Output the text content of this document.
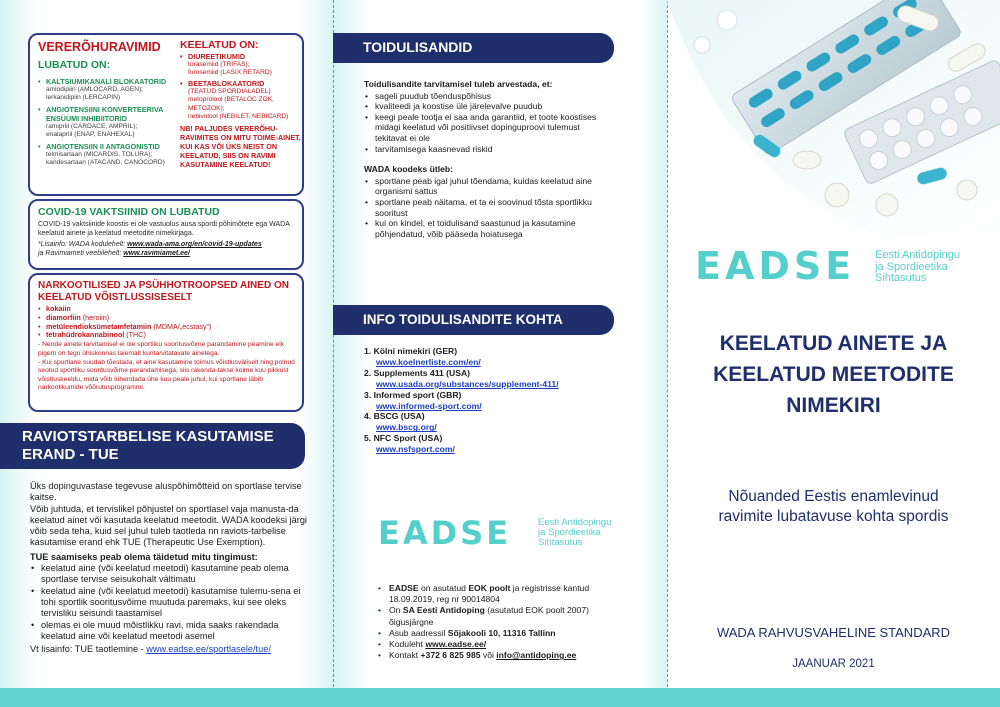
VERERÕHURAVIMID
LUBATUD ON:
• KALTSIUMIKANALI BLOKAATORID
amlodipiin (AMLOCARD, AGEN);
lerkanidipiin (LERCAPIN)
• ANGIOTENSIINI KONVERTEERIVA ENSÜÜMI INHIBIITORID
ramipriil (CARDACE, AMPRIL);
enalapriil (ENAP, ENAHEXAL)
• ANGIOTENSIIN II ANTAGONISTID
telmisartaan (MICARDIS, TOLURA);
kandesartaan (ATACAND, CANOCORD)
KEELATUD ON:
• DIUREETIKUMID
torasemiid (TRIFAS);
furosemiid (LASIX RETARD)
• BEETABLOKAATORID
(TEATUD SPORDIALADEL)
metoprolool (BETALOC ZOK, METOZOK);
nebivolool (NEBILET, NEBICARD)
NB! PALJUDES VERERÕHU-RAVIMITES ON MITU TOIME-AINET, KUI KAS VÕI ÜKS NEIST ON KEELATUD, SIIS ON RAVIMI KASUTAMINE KEELATUD!
COVID-19 VAKTSIINID ON LUBATUD
COVID-19 vaktsiinide koostis ei ole vastuolus ausa spordi põhimõtete ega WADA keelatud ainete ja keelatud meetodite nimekirjaga.
*Lisainfo: WADA kodulehelt: www.wada-ama.org/en/covid-19-updates
ja Ravimiameti veebilehelt: www.ravimiamet.ee/
NARKOOTILISED JA PSÜHHOTROOPSED AINED ON KEELATUD VÕISTLUSSISESELT
• kokaiin
• diamorfiin (heroiin)
• metüleendioksümetamfetamiin (MDMA/„ecstasy”)
• tetrahüdrokannabinool (THC)
- Nende ainete tarvitamisel ei ole sportliku sooritusvõime parandamine peamine eik pigem on tegu ühiskonnas laiemalt kuritarvitatavate ainetega.
- Kui sportlane suudab tõestada, et aine kasutamine toimus võistlusväliselt ning polnud seotud sportliku sooritusvõime parandamisega, siis rakenda-takse kolme kuu pikkust võistluskeeldu, mida võib lühendada ühe kuu peale juhul, kui sportlane läbib narkootikumide võõrutusprogrammi.
RAVIOTSTARBELISE KASUTAMISE
ERAND - TUE

Üks dopinguvastase tegevuse aluspõhimõtteid on sportlase tervise kaitse.

Võib juhtuda, et tervislikel põhjustel on sportlasel vaja manusta-da keelatud ainet või kasutada keelatud meetodit. WADA koodeksi järgi võib seda teha, kuid sel juhul tuleb taotleda nn raviots-tarbelise kasutamise erand ehk TUE (Therapeutic Use Exemption).

TUE saamiseks peab olema täidetud mitu tingimust:

• keelatud aine (või keelatud meetodi) kasutamine peab olema sportlase tervise seisukohalt vältimatu
• keelatud aine (või keelatud meetodi) kasutamise tulemu-sena ei tohi sportlik sooritusvõime muutuda paremaks, kui see oleks tervisliku seisundi taastamisel
• olemas ei ole muud mõistlikku ravi, mida saaks rakendada keelatud aine või keelatud meetodi asemel
Vt lisainfo: TUE taotlemine - www.eadse.ee/sportlasele/tue/
TOIDULISANDID
Toidulisandite tarvitamisel tuleb arvestada, et:
• sageli puudub tõenduspõhisus
• kvaliteedi ja koostise üle järelevalve puudub
• keegi peale tootja ei saa anda garantiid, et toote koostises midagi keelatud või positiivset dopinguproovi tulemust tekitavat ei ole
• tarvitamisega kaasnevad riskid
WADA koodeks ütleb:
• sportlane peab igal juhul tõendama, kuidas keelatud aine organismi sattus
• sportlane peab näitama, et ta ei soovinud tõsta sportlikku sooritust
• kui on kindel, et toidulisand saastunud ja kasutamine põhjendatud, võib pääseda hoiatusega
INFO TOIDULISANDITE KOHTA
1. Kölni nimekiri (GER)
www.koelnerliste.com/en/
2. Supplements 411 (USA)
www.usada.org/substances/supplement-411/
3. Informed sport (GBR)
www.informed-sport.com/
4. BSCG (USA)
www.bscg.org/
5. NFC Sport (USA)
www.nsfsport.com/
EADSE	Eesti Antidopingu
ja Spordieetika
Sihtasutus
• EADSE on asutatud EOK poolt ja registrisse kantud 18.09.2019, reg nr 90014804
• On SA Eesti Antidoping (asutatud EOK poolt 2007) õigusjärgne
• Asub aadressil Sõjakooli 10, 11316 Tallinn
• Koduleht www.eadse.ee/
• Kontakt +372 6 825 985 või info@antidoping.ee
EADSE Eesti Antidopingu
ja Spordieetika
Sihtasutus
KEELATUD AINETE JA
KEELATUD MEETODITE
NIMEKIRI
Nõuanded Eestis enamlevinud
ravimite lubatavuse kohta spordis
WADA RAHVUSVAHELINE STANDARD
JAANUAR 2021
